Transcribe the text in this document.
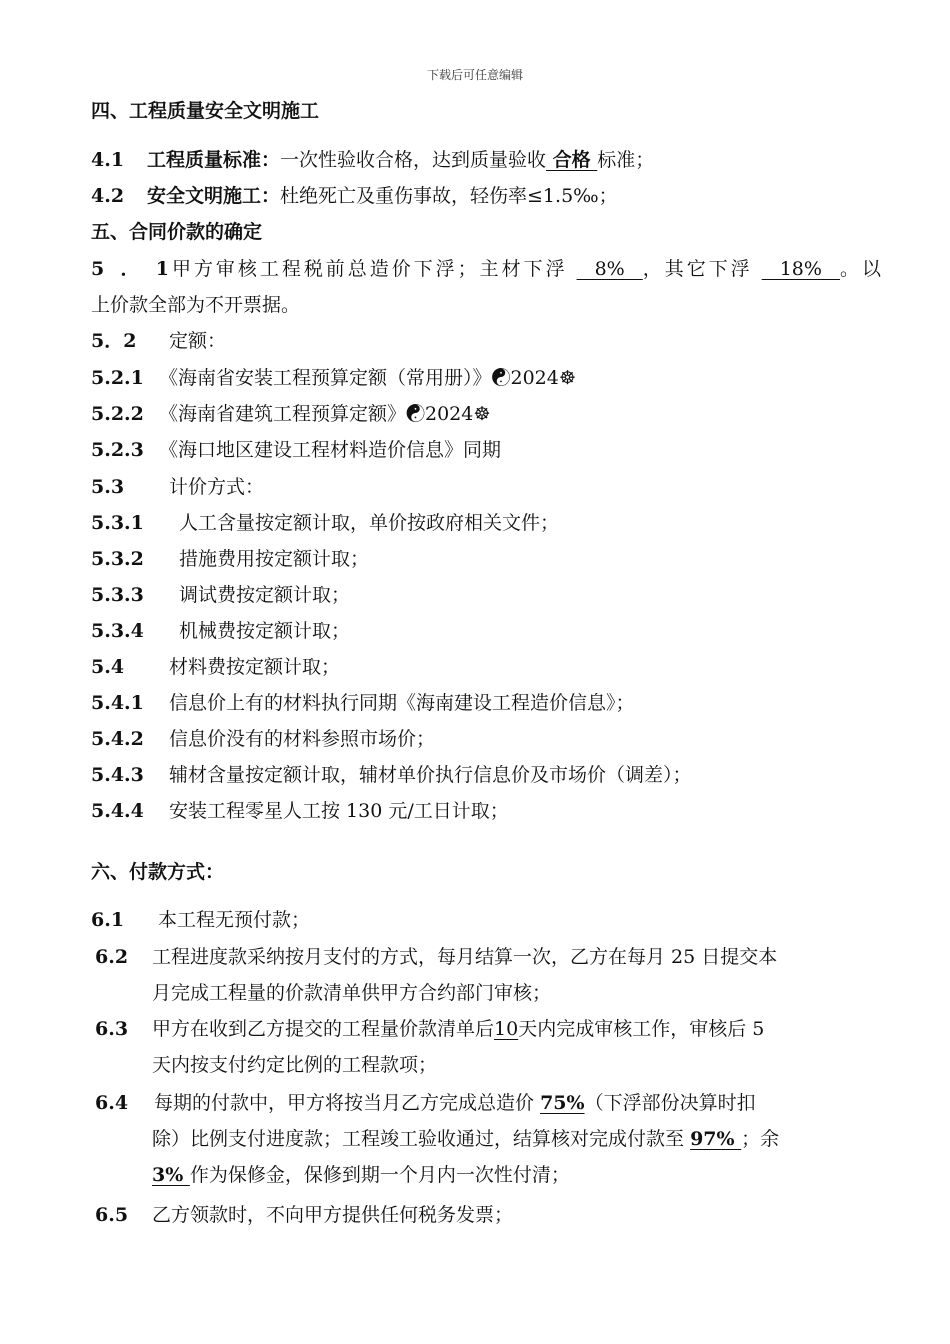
下载后可任意编辑
四、工程质量安全文明施工
4.1 工程质量标准：一次性验收合格，达到质量验收 合格 标准；
4.2 安全文明施工：杜绝死亡及重伤事故，轻伤率≤1.5‰；
五、合同价款的确定
5．1甲方审核工程税前总造价下浮；主材下浮   8%  ，其它下浮   18%  。以
上价款全部为不开票据。
5．2 定额：
5.2.1 《海南省安装工程预算定额（常用册）》☯2024☸
5.2.2 《海南省建筑工程预算定额》☯2024☸
5.2.3 《海口地区建设工程材料造价信息》同期
5.3 计价方式：
5.3.1 人工含量按定额计取，单价按政府相关文件；
5.3.2 措施费用按定额计取；
5.3.3 调试费按定额计取；
5.3.4 机械费按定额计取；
5.4 材料费按定额计取；
5.4.1 信息价上有的材料执行同期《海南建设工程造价信息》；
5.4.2 信息价没有的材料参照市场价；
5.4.3 辅材含量按定额计取，辅材单价执行信息价及市场价（调差）；
5.4.4 安装工程零星人工按 130 元/工日计取；
六、付款方式：
6.1 本工程无预付款；
6.2 工程进度款采纳按月支付的方式，每月结算一次，乙方在每月 25 日提交本
月完成工程量的价款清单供甲方合约部门审核；
6.3 甲方在收到乙方提交的工程量价款清单后10天内完成审核工作，审核后 5
天内按支付约定比例的工程款项；
6.4 每期的付款中，甲方将按当月乙方完成总造价 75%（下浮部份决算时扣
除）比例支付进度款；工程竣工验收通过，结算核对完成付款至 97% ；余
3% 作为保修金，保修到期一个月内一次性付清；
6.5 乙方领款时，不向甲方提供任何税务发票；
